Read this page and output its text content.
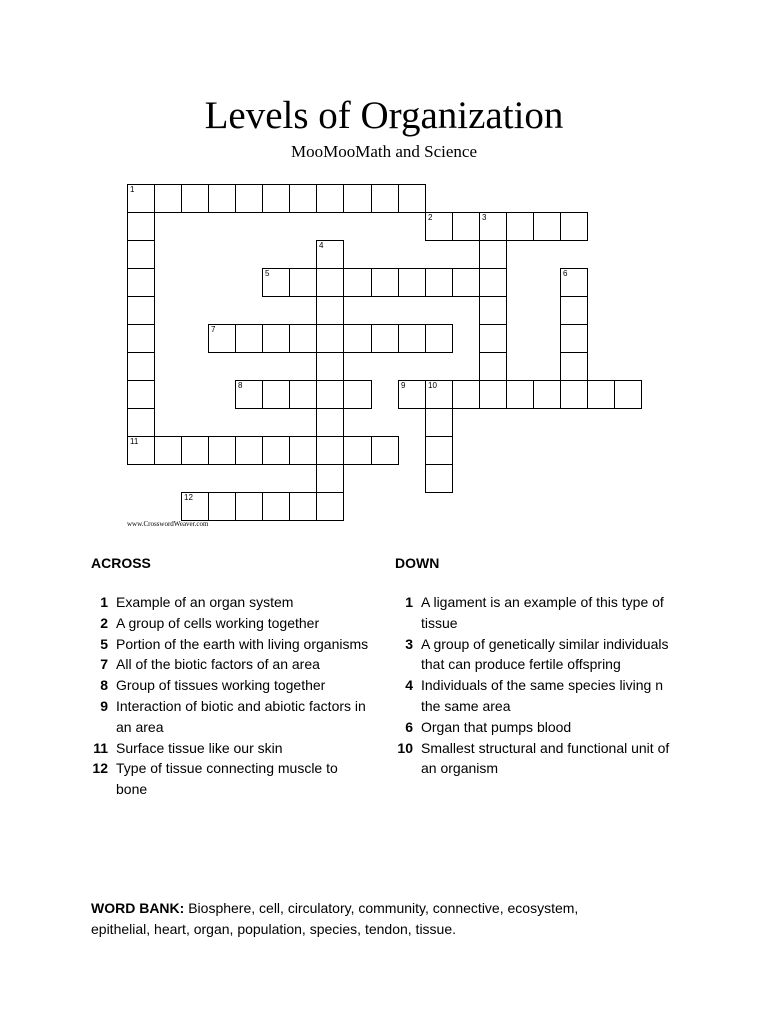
Levels of Organization
MooMooMath and Science
1
2	3
4
5	6
7
8	9	10
11
12
www.CrosswordWeaver.com
ACROSS	DOWN
1 Example of an organ system
2 A group of cells working together
5 Portion of the earth with living organisms
7 All of the biotic factors of an area
8 Group of tissues working together
9 Interaction of biotic and abiotic factors in an area
11 Surface tissue like our skin
12 Type of tissue connecting muscle to bone
1 A ligament is an example of this type of tissue
3 A group of genetically similar individuals that can produce fertile offspring
4 Individuals of the same species living n the same area
6 Organ that pumps blood
10 Smallest structural and functional unit of an organism
WORD BANK: Biosphere, cell, circulatory, community, connective, ecosystem, epithelial, heart, organ, population, species, tendon, tissue.
